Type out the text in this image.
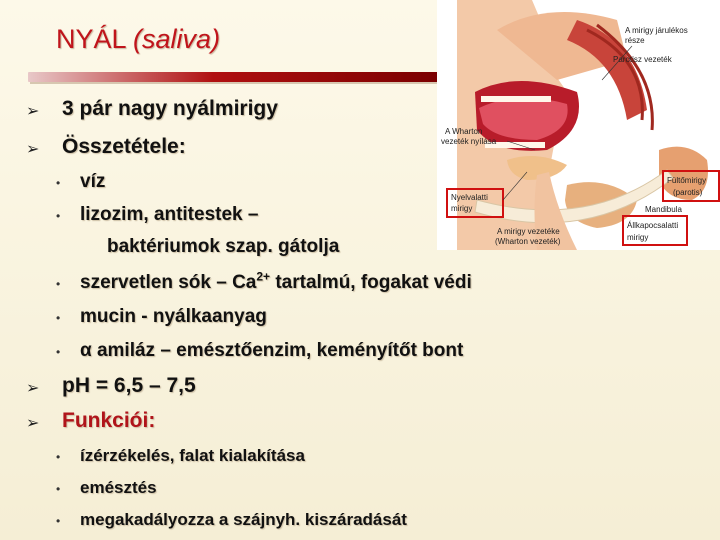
NYÁL (saliva)
➢ 3 pár nagy nyálmirigy
➢ Összetétele:
• víz
• lizozim, antitestek –
baktériumok szap. gátolja
• szervetlen sók – $Ca^{2+}$ tartalmú, fogakat védi
• mucin - nyálkaanyag
• α amiláz – emésztőenzim, keményítőt bont
➢ pH = 6,5 – 7,5
➢ Funkciói:
• ízérzékelés, falat kialakítása
• emésztés
• megakadályozza a szájnyh. kiszáradását
A mirigy járulékos
része
Parotisz vezeték
A Wharton
vezeték nyílása
Nyelvalatti
mirigy
A mirigy vezetéke
(Wharton vezeték)
Fültőmirigy
(parotis)
Mandibula
Állkapocsalatti
mirigy
